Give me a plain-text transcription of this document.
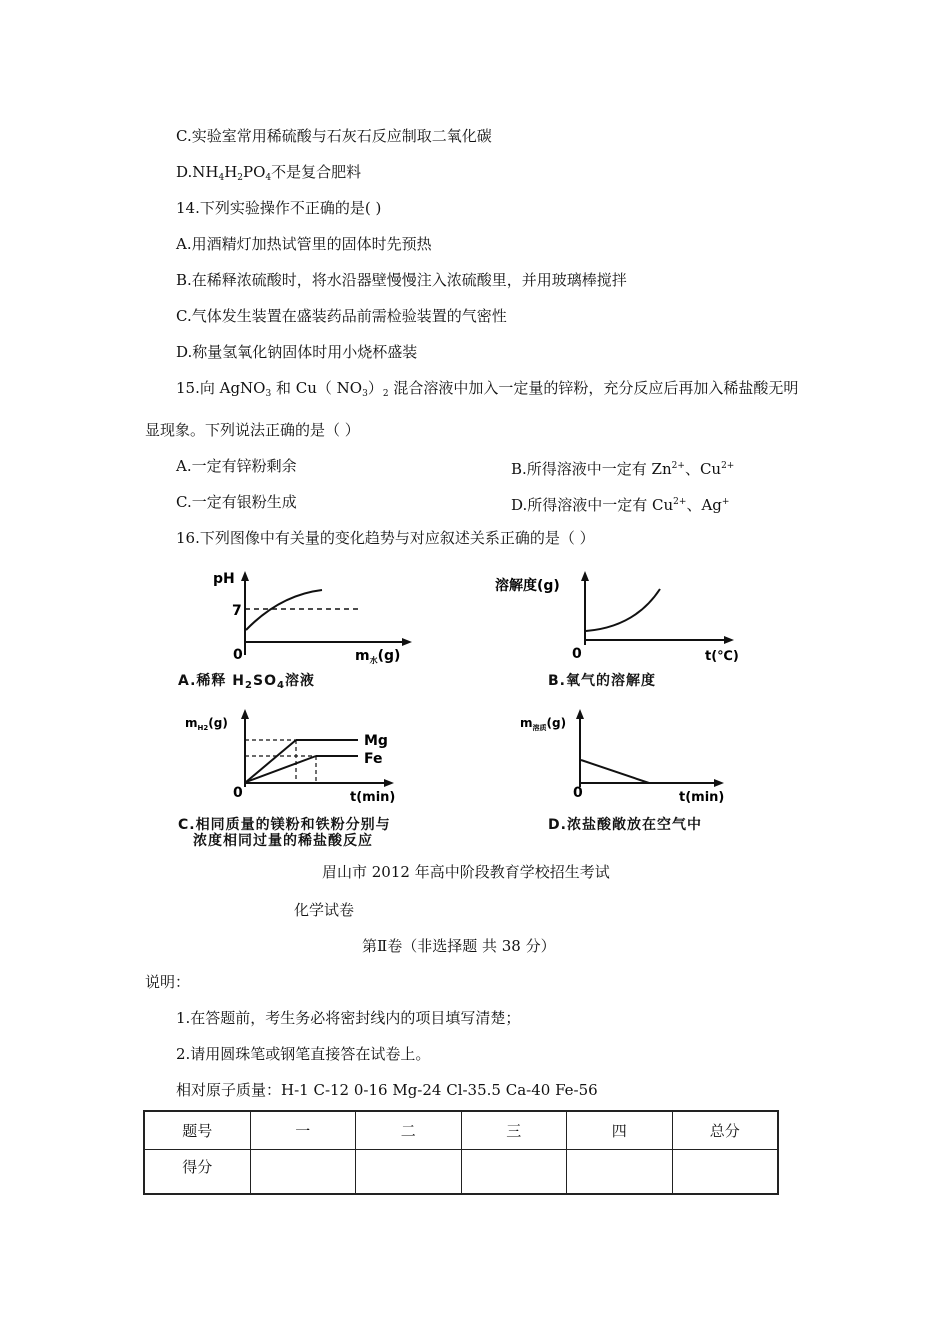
C.实验室常用稀硫酸与石灰石反应制取二氧化碳
$D.NH_4H_2PO_4$不是复合肥料
14.下列实验操作不正确的是( )
A.用酒精灯加热试管里的固体时先预热
B.在稀释浓硫酸时，将水沿器壁慢慢注入浓硫酸里，并用玻璃棒搅拌
C.气体发生装置在盛装药品前需检验装置的气密性
D.称量氢氧化钠固体时用小烧杯盛装
15.向 AgNO$_3$ 和 Cu（ $NO_3)_2$ 混合溶液中加入一定量的锌粉，充分反应后再加入稀盐酸无明
显现象。下列说法正确的是（ ）
A.一定有锌粉剩余	B.所得溶液中一定有 $Zn^{2+}$、$Cu^{2+}$
C.一定有银粉生成	D.所得溶液中一定有 $Cu^{2+}$、Ag+
16.下列图像中有关量的变化趋势与对应叙述关系正确的是（ ）
pH
7
0	$m_水(g)$
A.稀释 $H_2SO_4$溶液
溶解度(g)
0	t(℃)
B.氧气的溶解度
$m_{H2}(g)$
Mg
Fe
0	t(min)
C.相同质量的镁粉和铁粉分别与
浓度相同过量的稀盐酸反应
$m_{溶质}(g)$
0	t(min)
D.浓盐酸敞放在空气中
眉山市 2012 年高中阶段教育学校招生考试
化学试卷
第Ⅱ卷（非选择题 共 38 分）
说明：
1.在答题前，考生务必将密封线内的项目填写清楚；
2.请用圆珠笔或钢笔直接答在试卷上。
相对原子质量：H-1 C-12 0-16 Mg-24 Cl-35.5 Ca-40 Fe-56
题号	一	二	三	四	总分
得分					
